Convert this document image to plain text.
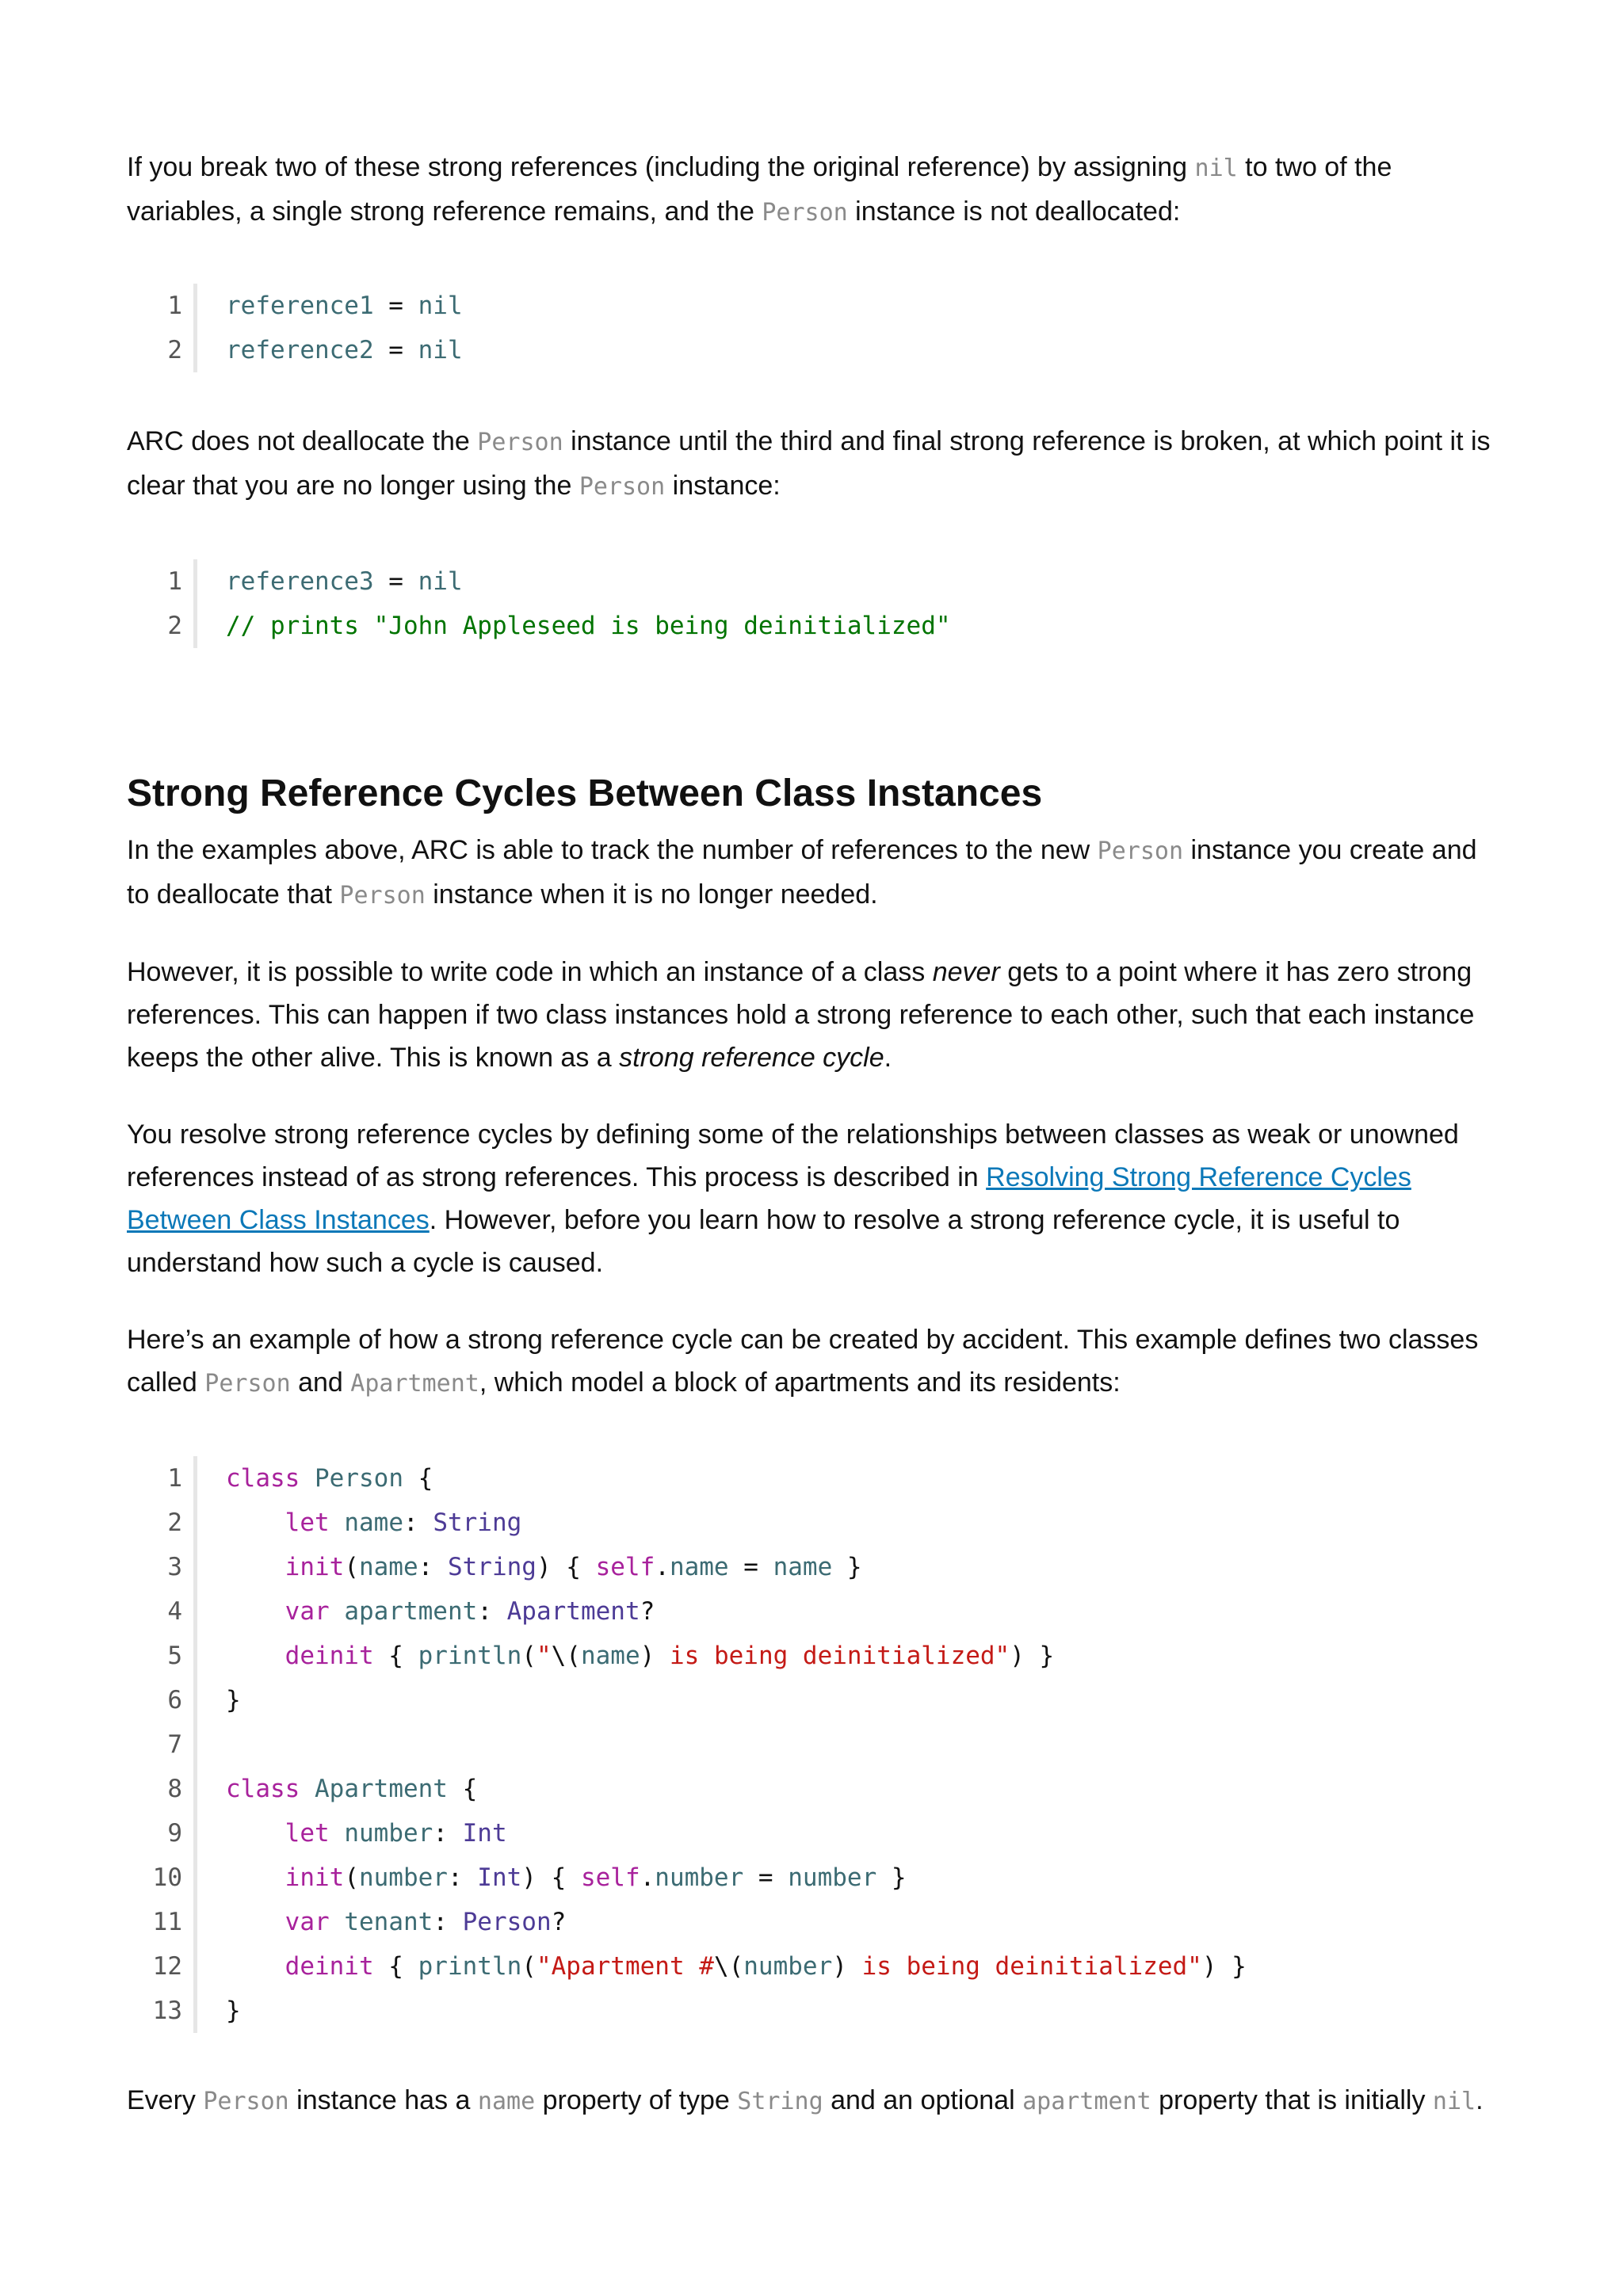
If you break two of these strong references (including the original reference) by assigning nil to two of the variables, a single strong reference remains, and the Person instance is not deallocated:

1	reference1 = nil
2	reference2 = nil

ARC does not deallocate the Person instance until the third and final strong reference is broken, at which point it is clear that you are no longer using the Person instance:

1	reference3 = nil
2	// prints "John Appleseed is being deinitialized"
Strong Reference Cycles Between Class Instances

In the examples above, ARC is able to track the number of references to the new Person instance you create and to deallocate that Person instance when it is no longer needed.

However, it is possible to write code in which an instance of a class never gets to a point where it has zero strong references. This can happen if two class instances hold a strong reference to each other, such that each instance keeps the other alive. This is known as a strong reference cycle.

You resolve strong reference cycles by defining some of the relationships between classes as weak or unowned references instead of as strong references. This process is described in Resolving Strong Reference Cycles Between Class Instances. However, before you learn how to resolve a strong reference cycle, it is useful to understand how such a cycle is caused.

Here’s an example of how a strong reference cycle can be created by accident. This example defines two classes called Person and Apartment, which model a block of apartments and its residents:

1	class Person {
2	let name: String
3	init(name: String) { self.name = name }
4	var apartment: Apartment?
5	deinit { println("\(name) is being deinitialized") }
6	}
7
8	class Apartment {
9	let number: Int
10	init(number: Int) { self.number = number }
11	var tenant: Person?
12	deinit { println("Apartment #\(number) is being deinitialized") }
13	}

Every Person instance has a name property of type String and an optional apartment property that is initially nil.
